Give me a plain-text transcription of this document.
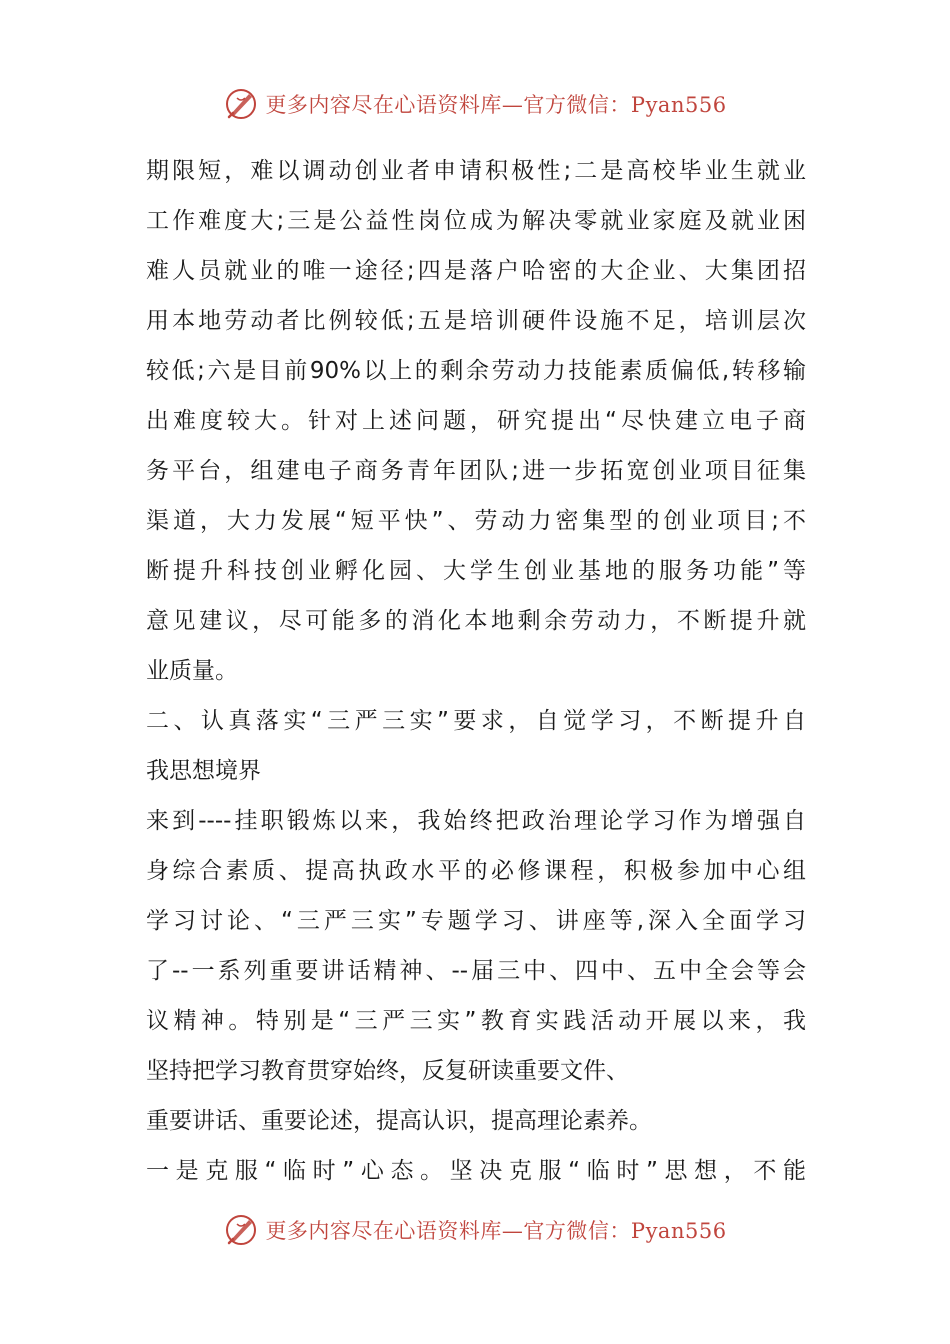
更多内容尽在心语资料库—官方微信：Pyan556
期限短，难以调动创业者申请积极性;二是高校毕业生就业
工作难度大;三是公益性岗位成为解决零就业家庭及就业困
难人员就业的唯一途径;四是落户哈密的大企业、大集团招
用本地劳动者比例较低;五是培训硬件设施不足，培训层次
较低;六是目前90%以上的剩余劳动力技能素质偏低,转移输
出难度较大。针对上述问题，研究提出“尽快建立电子商
务平台，组建电子商务青年团队;进一步拓宽创业项目征集
渠道，大力发展“短平快”、劳动力密集型的创业项目;不
断提升科技创业孵化园、大学生创业基地的服务功能”等
意见建议，尽可能多的消化本地剩余劳动力，不断提升就
业质量。
二、认真落实“三严三实”要求，自觉学习，不断提升自
我思想境界
来到----挂职锻炼以来，我始终把政治理论学习作为增强自
身综合素质、提高执政水平的必修课程，积极参加中心组
学习讨论、“三严三实”专题学习、讲座等,深入全面学习
了--一系列重要讲话精神、--届三中、四中、五中全会等会
议精神。特别是“三严三实”教育实践活动开展以来，我
坚持把学习教育贯穿始终，反复研读重要文件、
重要讲话、重要论述，提高认识，提高理论素养。
一是克服“临时”心态。坚决克服“临时”思想，不能
更多内容尽在心语资料库—官方微信：Pyan556
